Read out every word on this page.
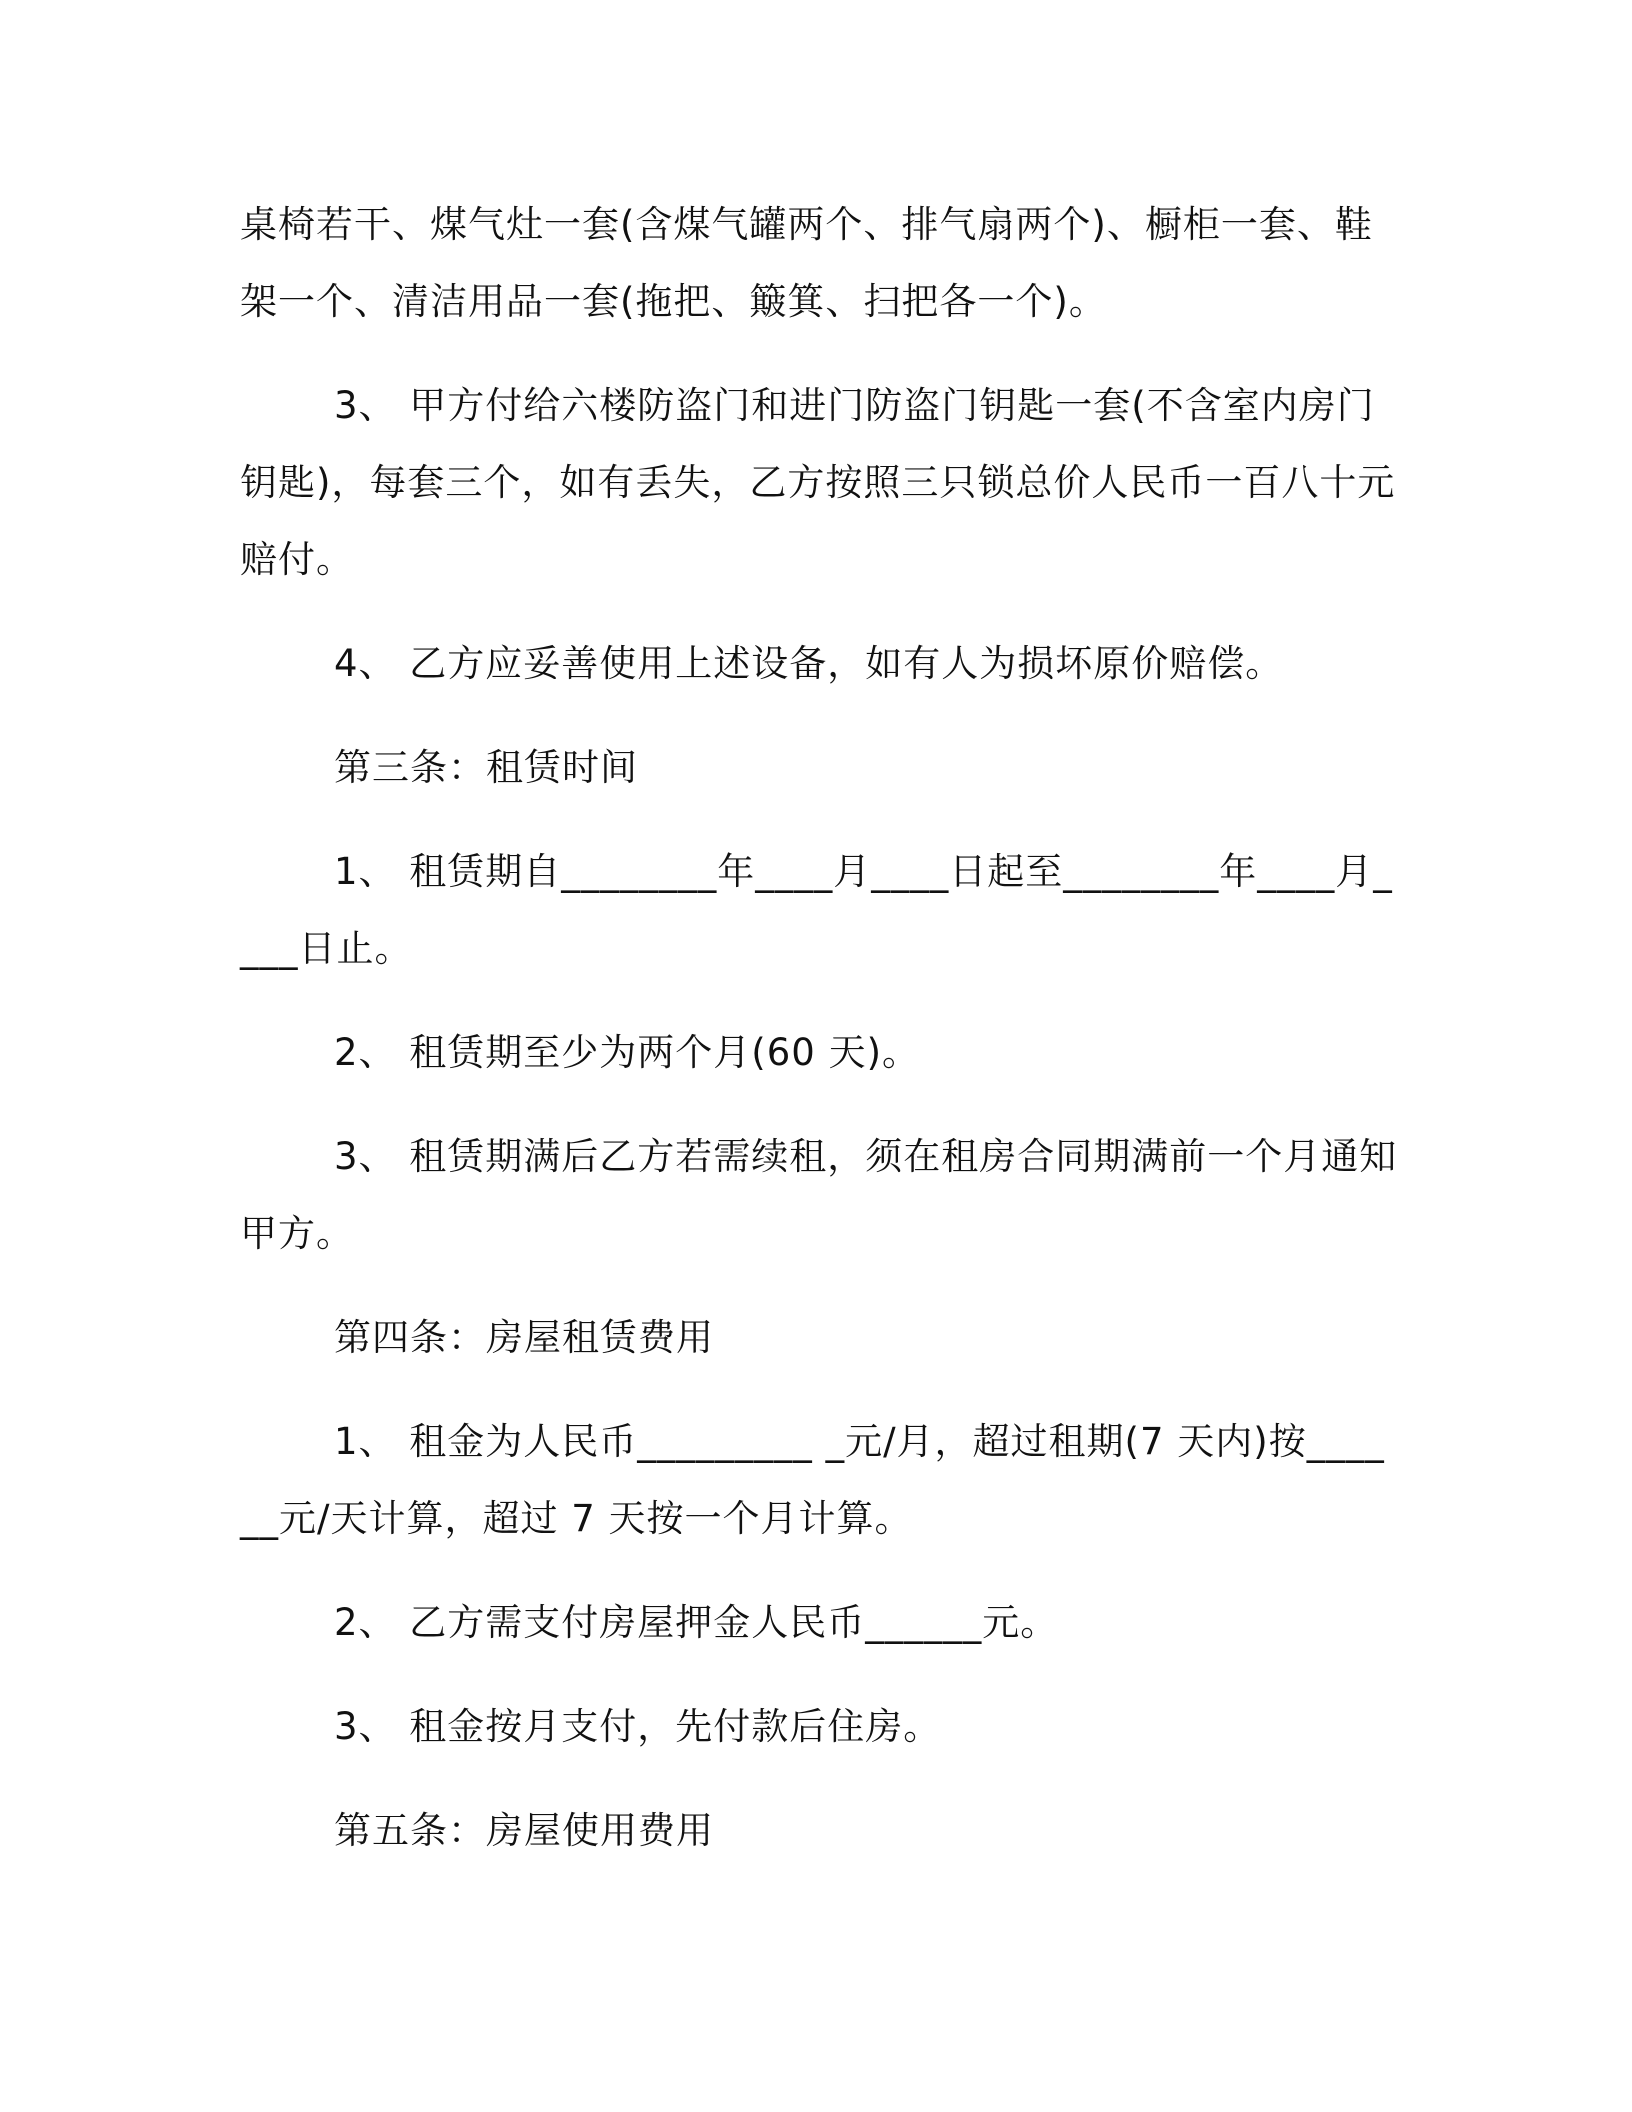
桌椅若干、煤气灶一套(含煤气罐两个、排气扇两个)、橱柜一套、鞋架一个、清洁用品一套(拖把、簸箕、扫把各一个)。

3、 甲方付给六楼防盗门和进门防盗门钥匙一套(不含室内房门钥匙)，每套三个，如有丢失，乙方按照三只锁总价人民币一百八十元赔付。

4、 乙方应妥善使用上述设备，如有人为损坏原价赔偿。

第三条：租赁时间

1、 租赁期自________年____月____日起至________年____月____日止。

2、 租赁期至少为两个月(60 天)。

3、 租赁期满后乙方若需续租，须在租房合同期满前一个月通知甲方。

第四条：房屋租赁费用

1、 租金为人民币_________ _元/月，超过租期(7 天内)按______元/天计算，超过 7 天按一个月计算。

2、 乙方需支付房屋押金人民币______元。

3、 租金按月支付，先付款后住房。

第五条：房屋使用费用
